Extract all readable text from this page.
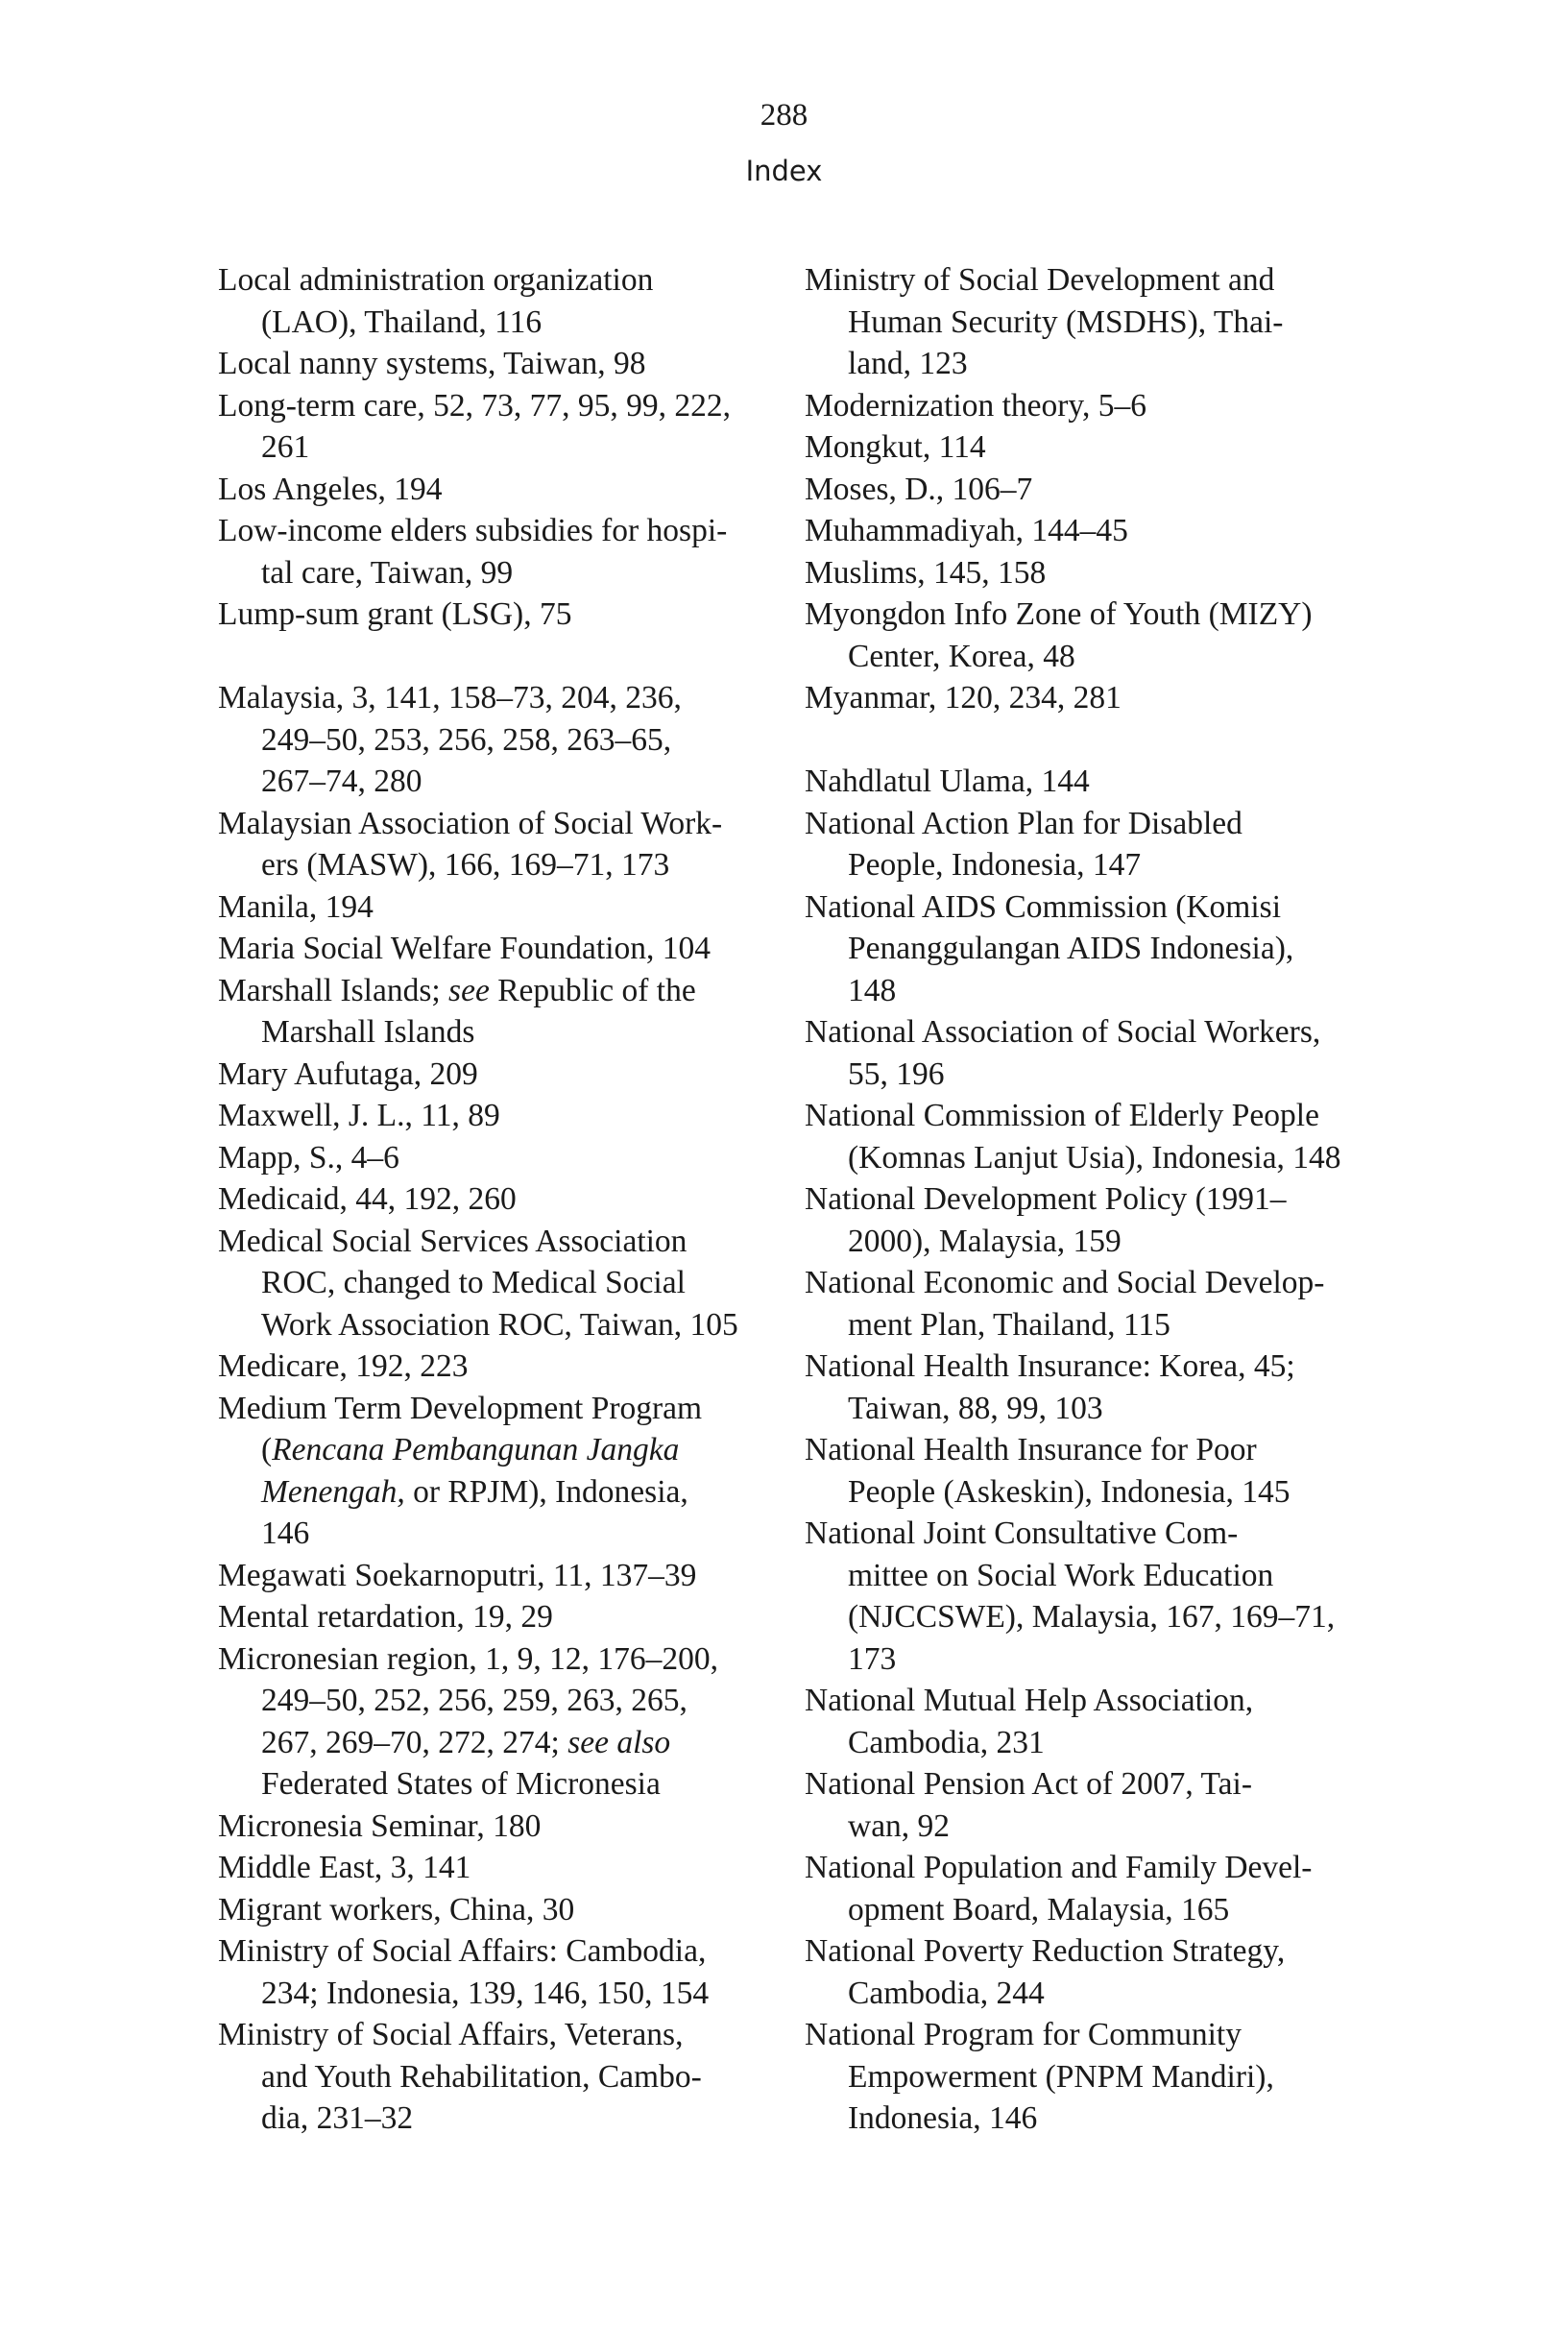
288
Index

Local administration organization
(LAO), Thailand, 116

Local nanny systems, Taiwan, 98

Long-term care, 52, 73, 77, 95, 99, 222,
261

Los Angeles, 194

Low-income elders subsidies for hospi-
tal care, Taiwan, 99

Lump-sum grant (LSG), 75

Malaysia, 3, 141, 158–73, 204, 236,
249–50, 253, 256, 258, 263–65,
267–74, 280

Malaysian Association of Social Work-
ers (MASW), 166, 169–71, 173

Manila, 194

Maria Social Welfare Foundation, 104

Marshall Islands; see Republic of the
Marshall Islands

Mary Aufutaga, 209

Maxwell, J. L., 11, 89

Mapp, S., 4–6

Medicaid, 44, 192, 260

Medical Social Services Association
ROC, changed to Medical Social
Work Association ROC, Taiwan, 105

Medicare, 192, 223

Medium Term Development Program
(Rencana Pembangunan Jangka
Menengah, or RPJM), Indonesia,
146

Megawati Soekarnoputri, 11, 137–39

Mental retardation, 19, 29

Micronesian region, 1, 9, 12, 176–200,
249–50, 252, 256, 259, 263, 265,
267, 269–70, 272, 274; see also
Federated States of Micronesia

Micronesia Seminar, 180

Middle East, 3, 141

Migrant workers, China, 30

Ministry of Social Affairs: Cambodia,
234; Indonesia, 139, 146, 150, 154

Ministry of Social Affairs, Veterans,
and Youth Rehabilitation, Cambo-
dia, 231–32

Ministry of Social Development and
Human Security (MSDHS), Thai-
land, 123

Modernization theory, 5–6

Mongkut, 114

Moses, D., 106–7

Muhammadiyah, 144–45

Muslims, 145, 158

Myongdon Info Zone of Youth (MIZY)
Center, Korea, 48

Myanmar, 120, 234, 281

Nahdlatul Ulama, 144

National Action Plan for Disabled
People, Indonesia, 147

National AIDS Commission (Komisi
Penanggulangan AIDS Indonesia),
148

National Association of Social Workers,
55, 196

National Commission of Elderly People
(Komnas Lanjut Usia), Indonesia, 148

National Development Policy (1991–
2000), Malaysia, 159

National Economic and Social Develop-
ment Plan, Thailand, 115

National Health Insurance: Korea, 45;
Taiwan, 88, 99, 103

National Health Insurance for Poor
People (Askeskin), Indonesia, 145

National Joint Consultative Com-
mittee on Social Work Education
(NJCCSWE), Malaysia, 167, 169–71,
173

National Mutual Help Association,
Cambodia, 231

National Pension Act of 2007, Tai-
wan, 92

National Population and Family Devel-
opment Board, Malaysia, 165

National Poverty Reduction Strategy,
Cambodia, 244

National Program for Community
Empowerment (PNPM Mandiri),
Indonesia, 146
